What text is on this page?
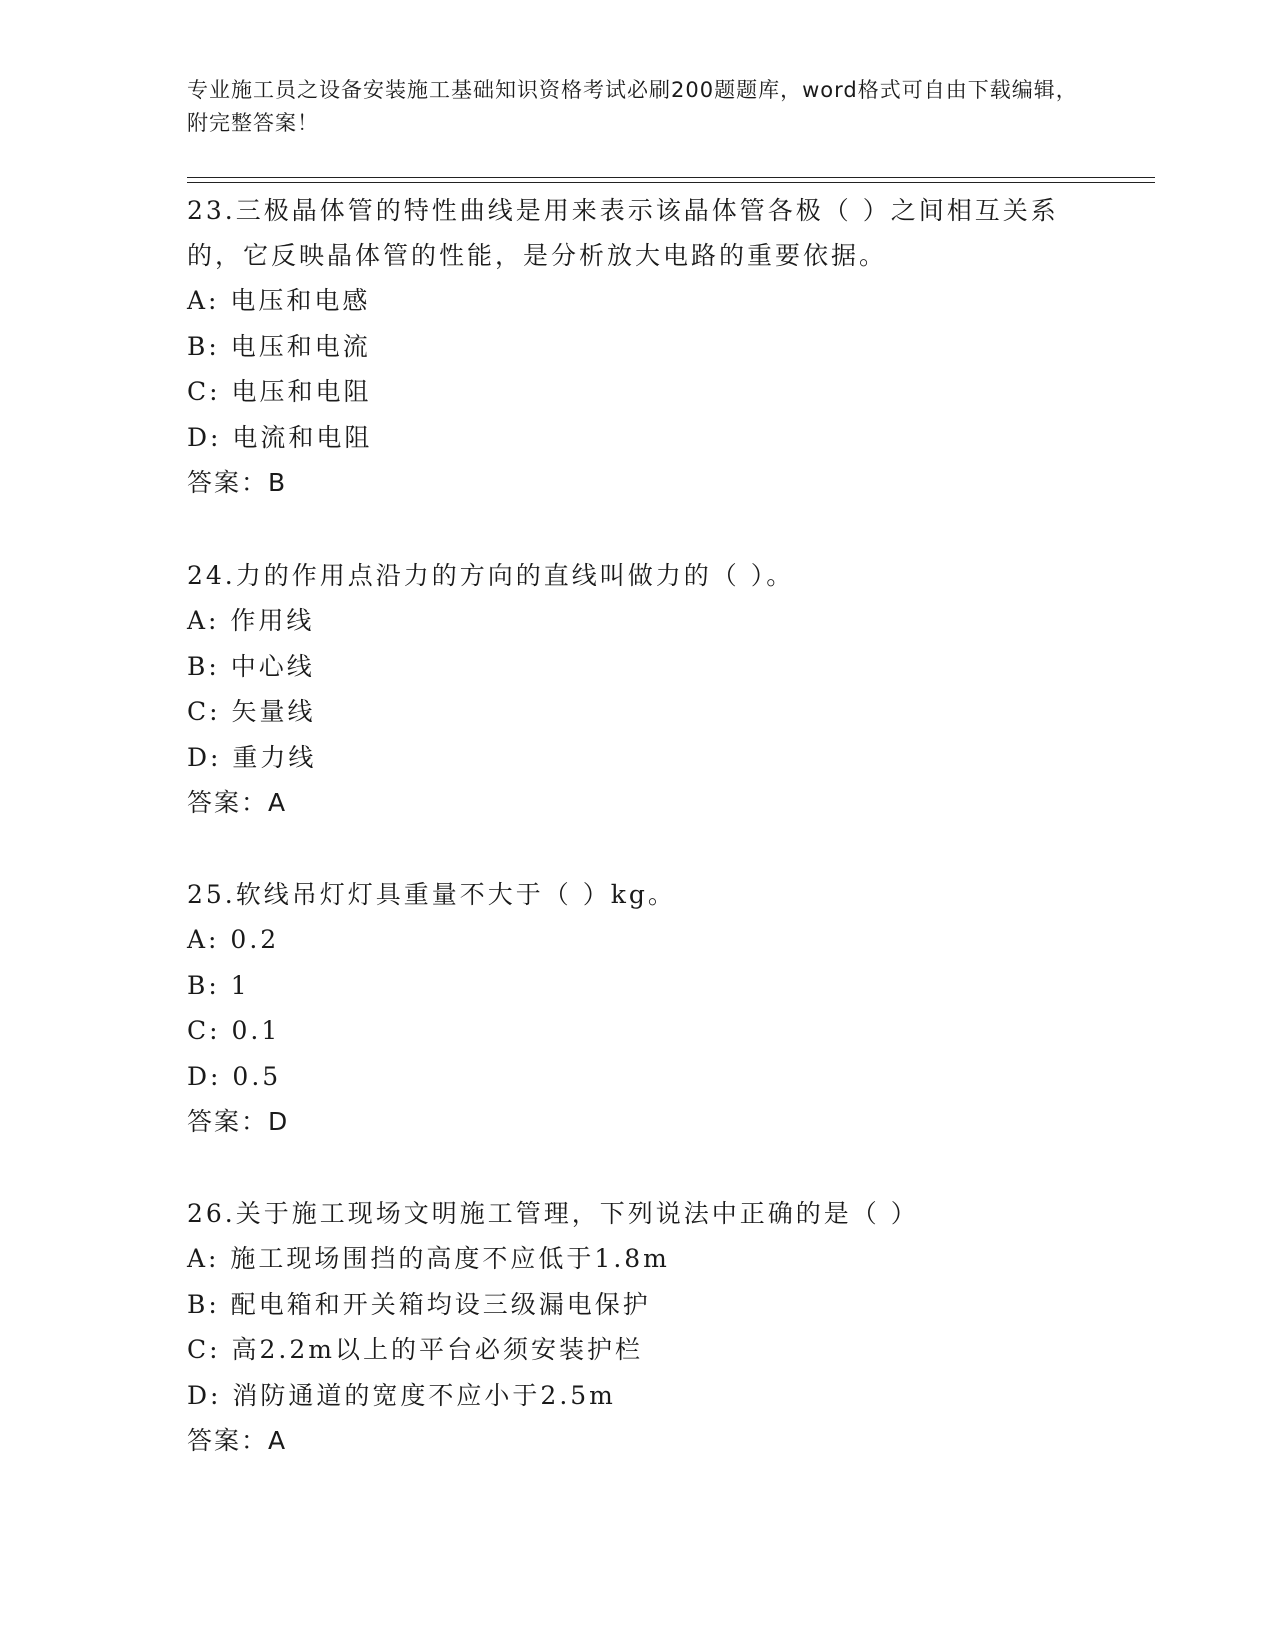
专业施工员之设备安装施工基础知识资格考试必刷200题题库，word格式可自由下载编辑，附完整答案！

23.三极晶体管的特性曲线是用来表示该晶体管各极（ ）之间相互关系的，它反映晶体管的性能，是分析放大电路的重要依据。

A: 电压和电感

B: 电压和电流

C: 电压和电阻

D: 电流和电阻

答案：B

24.力的作用点沿力的方向的直线叫做力的（ ）。

A: 作用线

B: 中心线

C: 矢量线

D: 重力线

答案：A

25.软线吊灯灯具重量不大于（ ）kg。

A: 0.2

B: 1

C: 0.1

D: 0.5

答案：D

26.关于施工现场文明施工管理，下列说法中正确的是（ ）

A: 施工现场围挡的高度不应低于1.8m

B: 配电箱和开关箱均设三级漏电保护

C: 高2.2m以上的平台必须安装护栏

D: 消防通道的宽度不应小于2.5m

答案：A
